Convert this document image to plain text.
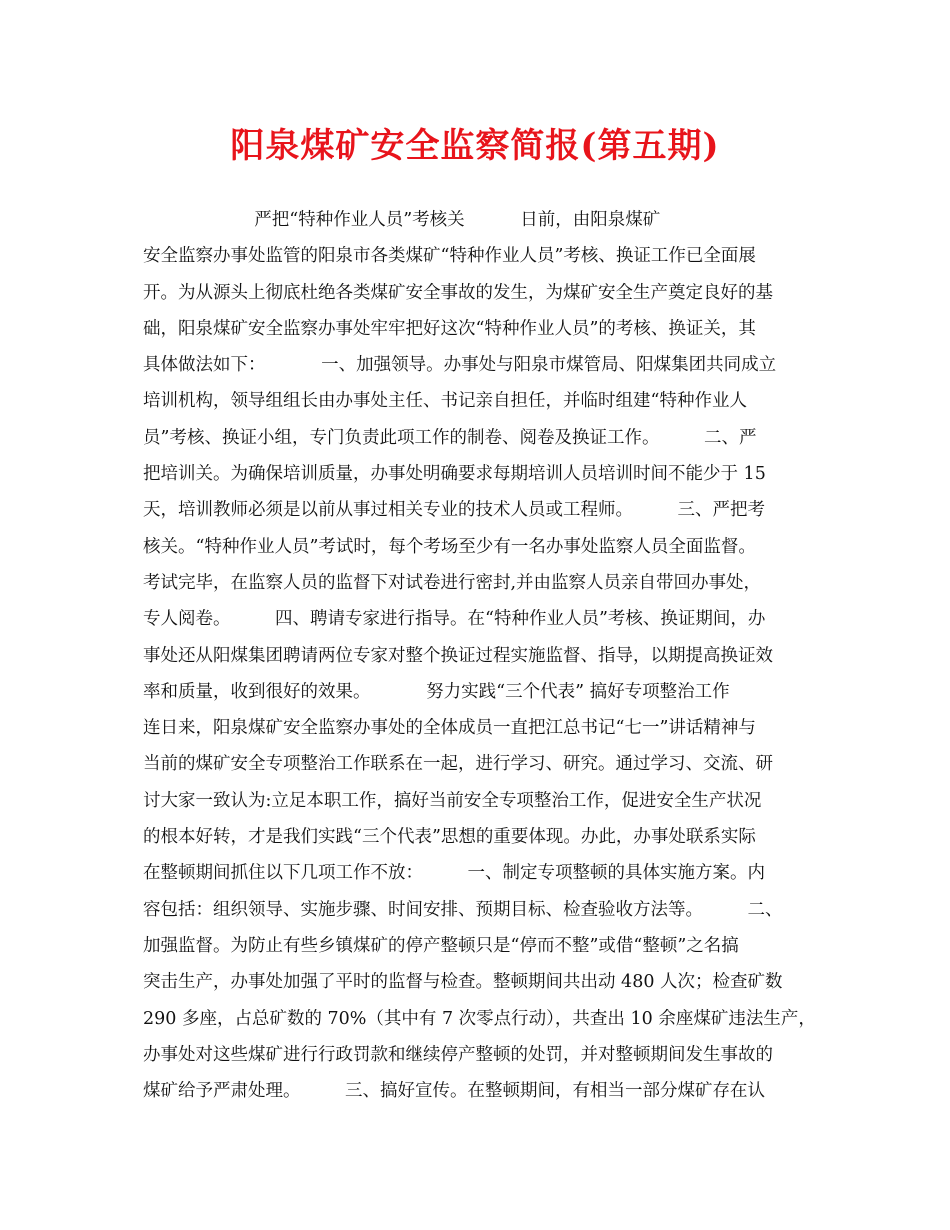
阳泉煤矿安全监察简报(第五期)
严把“特种作业人员”考核关          日前，由阳泉煤矿
安全监察办事处监管的阳泉市各类煤矿“特种作业人员”考核、换证工作已全面展
开。为从源头上彻底杜绝各类煤矿安全事故的发生，为煤矿安全生产奠定良好的基
础，阳泉煤矿安全监察办事处牢牢把好这次“特种作业人员”的考核、换证关，其
具体做法如下：          一、加强领导。办事处与阳泉市煤管局、阳煤集团共同成立
培训机构，领导组组长由办事处主任、书记亲自担任，并临时组建“特种作业人
员”考核、换证小组，专门负责此项工作的制卷、阅卷及换证工作。        二、严
把培训关。为确保培训质量，办事处明确要求每期培训人员培训时间不能少于 15
天，培训教师必须是以前从事过相关专业的技术人员或工程师。        三、严把考
核关。“特种作业人员”考试时，每个考场至少有一名办事处监察人员全面监督。
考试完毕，在监察人员的监督下对试卷进行密封,并由监察人员亲自带回办事处，
专人阅卷。        四、聘请专家进行指导。在“特种作业人员”考核、换证期间，办
事处还从阳煤集团聘请两位专家对整个换证过程实施监督、指导，以期提高换证效
率和质量，收到很好的效果。          努力实践“三个代表” 搞好专项整治工作
连日来，阳泉煤矿安全监察办事处的全体成员一直把江总书记“七一”讲话精神与
当前的煤矿安全专项整治工作联系在一起，进行学习、研究。通过学习、交流、研
讨大家一致认为:立足本职工作，搞好当前安全专项整治工作，促进安全生产状况
的根本好转，才是我们实践“三个代表”思想的重要体现。办此，办事处联系实际
在整顿期间抓住以下几项工作不放：        一、制定专项整顿的具体实施方案。内
容包括：组织领导、实施步骤、时间安排、预期目标、检查验收方法等。        二、
加强监督。为防止有些乡镇煤矿的停产整顿只是“停而不整”或借“整顿”之名搞
突击生产，办事处加强了平时的监督与检查。整顿期间共出动 480 人次；检查矿数
290 多座，占总矿数的 70%（其中有 7 次零点行动），共查出 10 余座煤矿违法生产，
办事处对这些煤矿进行行政罚款和继续停产整顿的处罚，并对整顿期间发生事故的
煤矿给予严肃处理。        三、搞好宣传。在整顿期间，有相当一部分煤矿存在认
